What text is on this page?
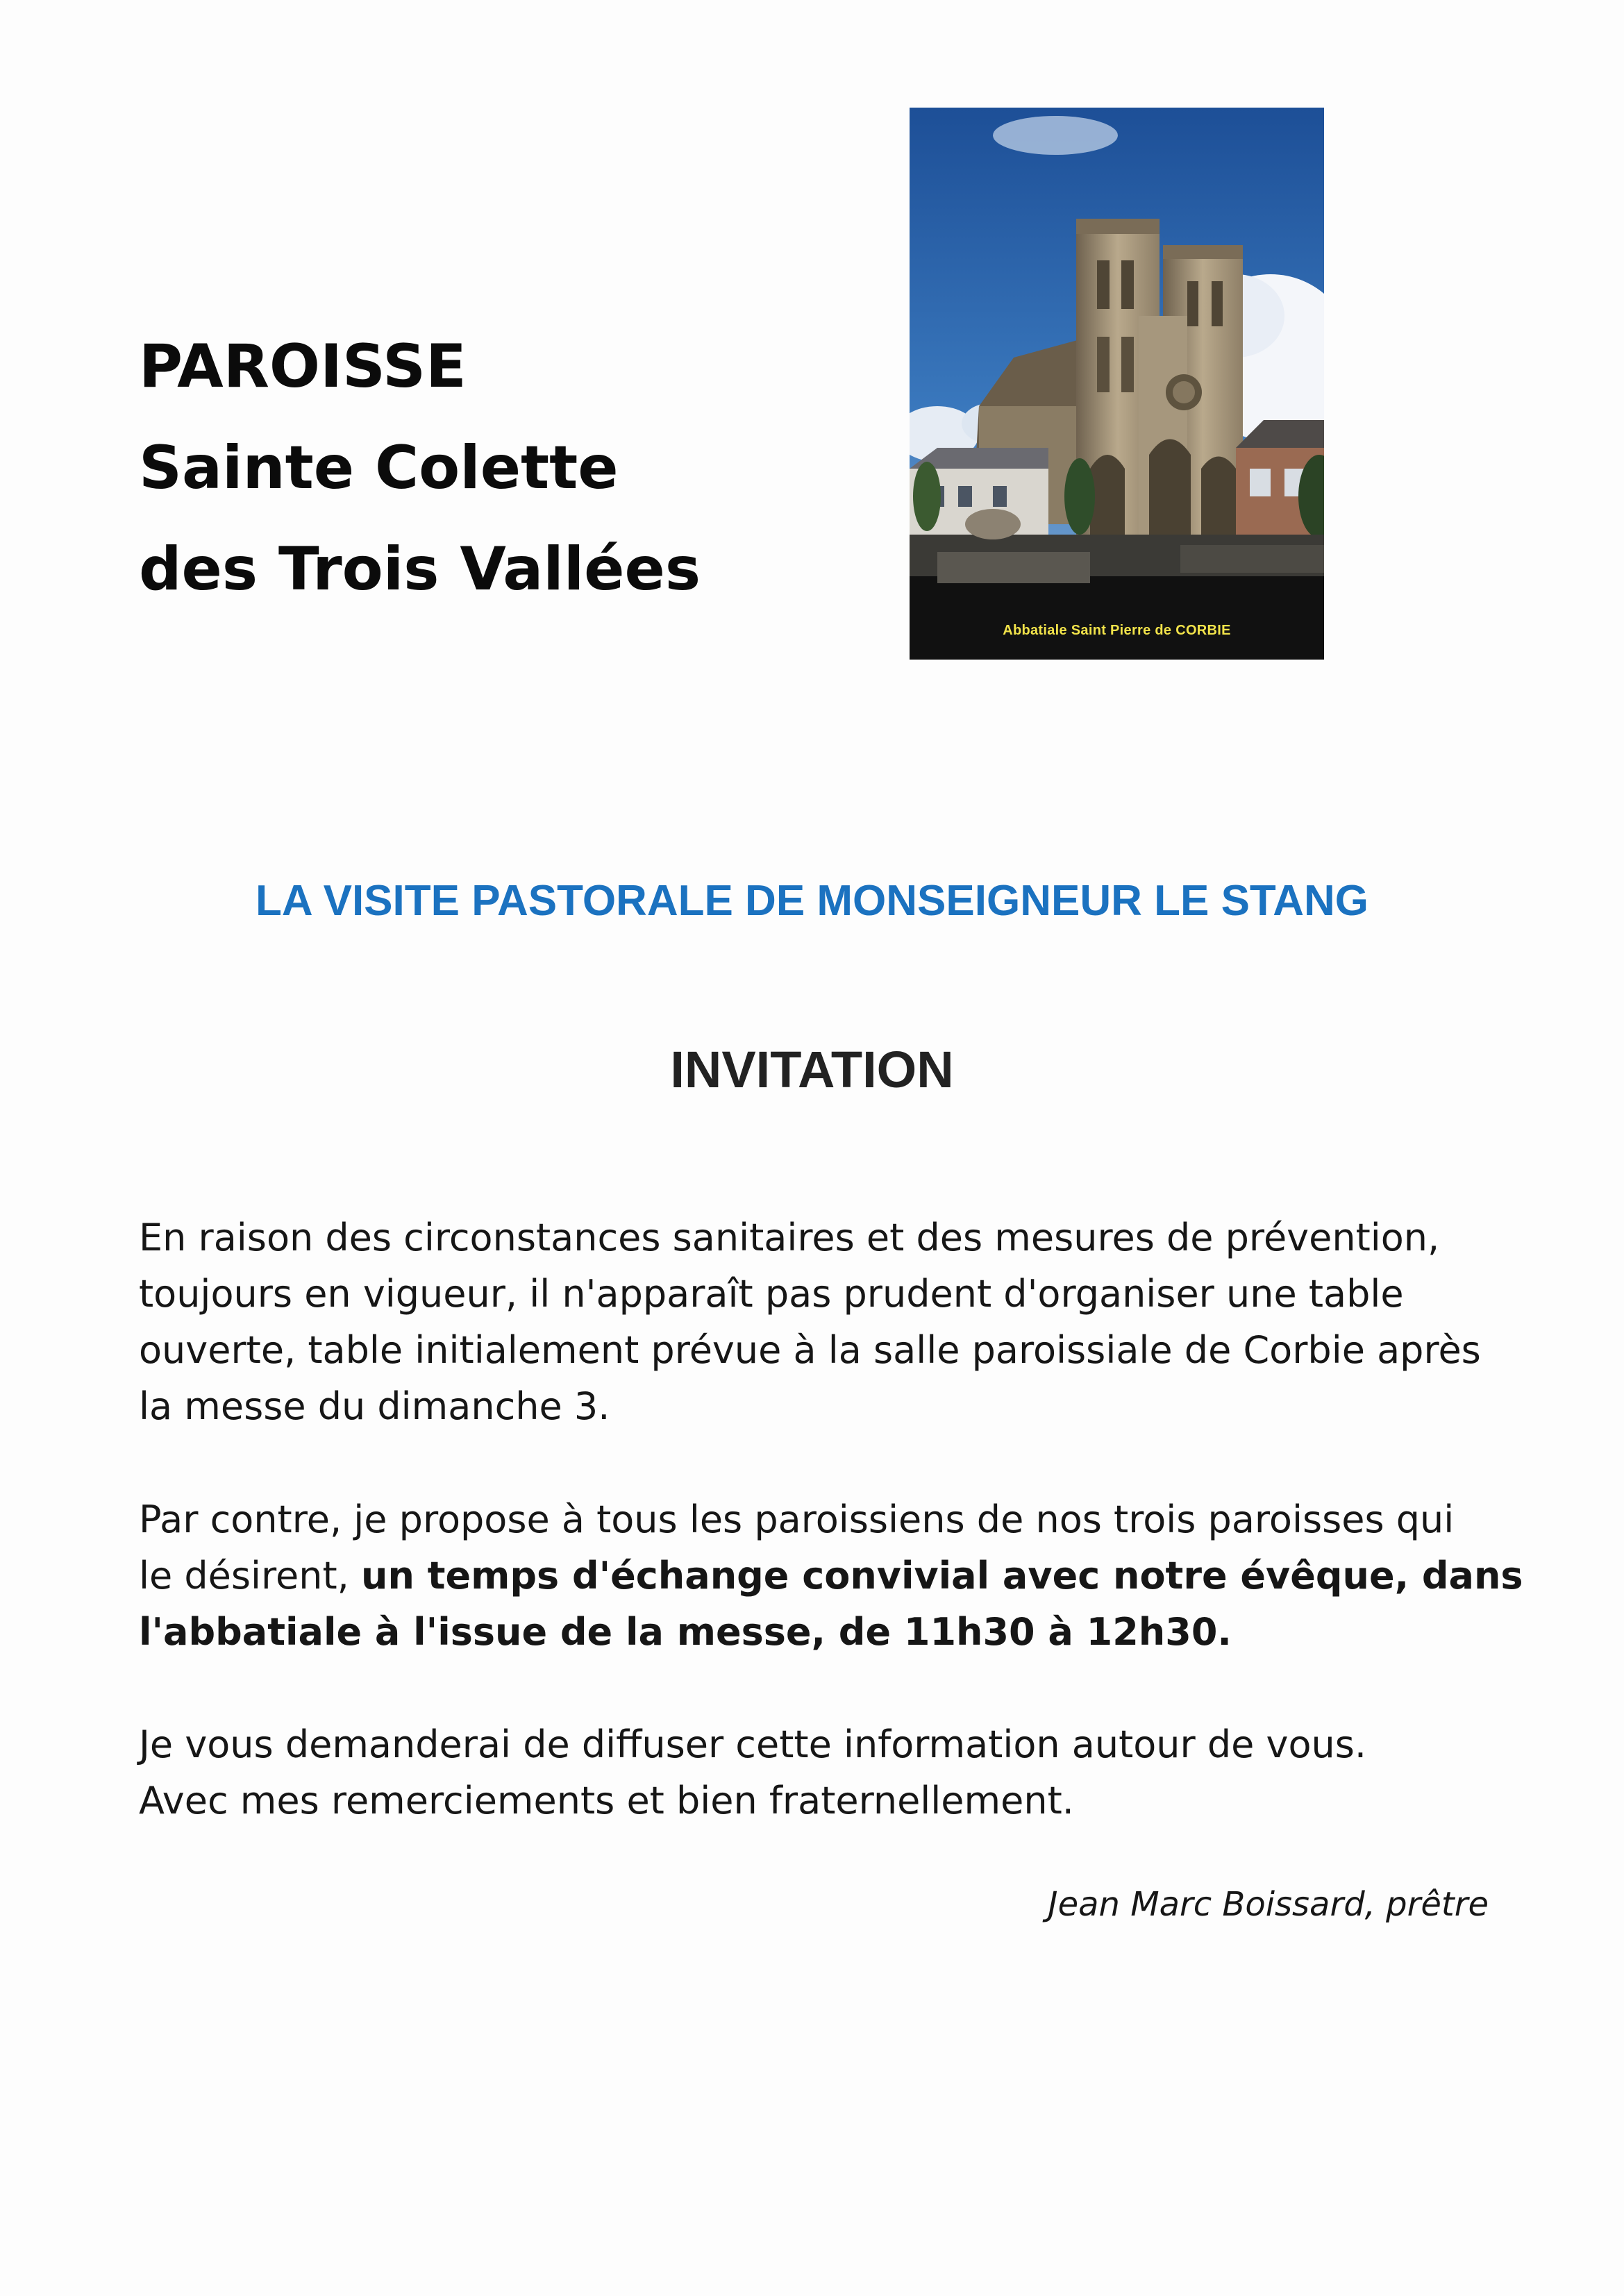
PAROISSE
Sainte Colette
des Trois Vallées
Abbatiale Saint Pierre de CORBIE
LA VISITE PASTORALE DE MONSEIGNEUR LE STANG
INVITATION
En raison des circonstances sanitaires et des mesures de prévention,
toujours en vigueur, il n'apparaît pas prudent d'organiser une table
ouverte, table initialement prévue à la salle paroissiale de Corbie après
la messe du dimanche 3.
Par contre, je propose à tous les paroissiens de nos trois paroisses qui
le désirent, un temps d'échange convivial avec notre évêque, dans
l'abbatiale à l'issue de la messe, de 11h30 à 12h30.
Je vous demanderai de diffuser cette information autour de vous.
Avec mes remerciements et bien fraternellement.
Jean Marc Boissard, prêtre
